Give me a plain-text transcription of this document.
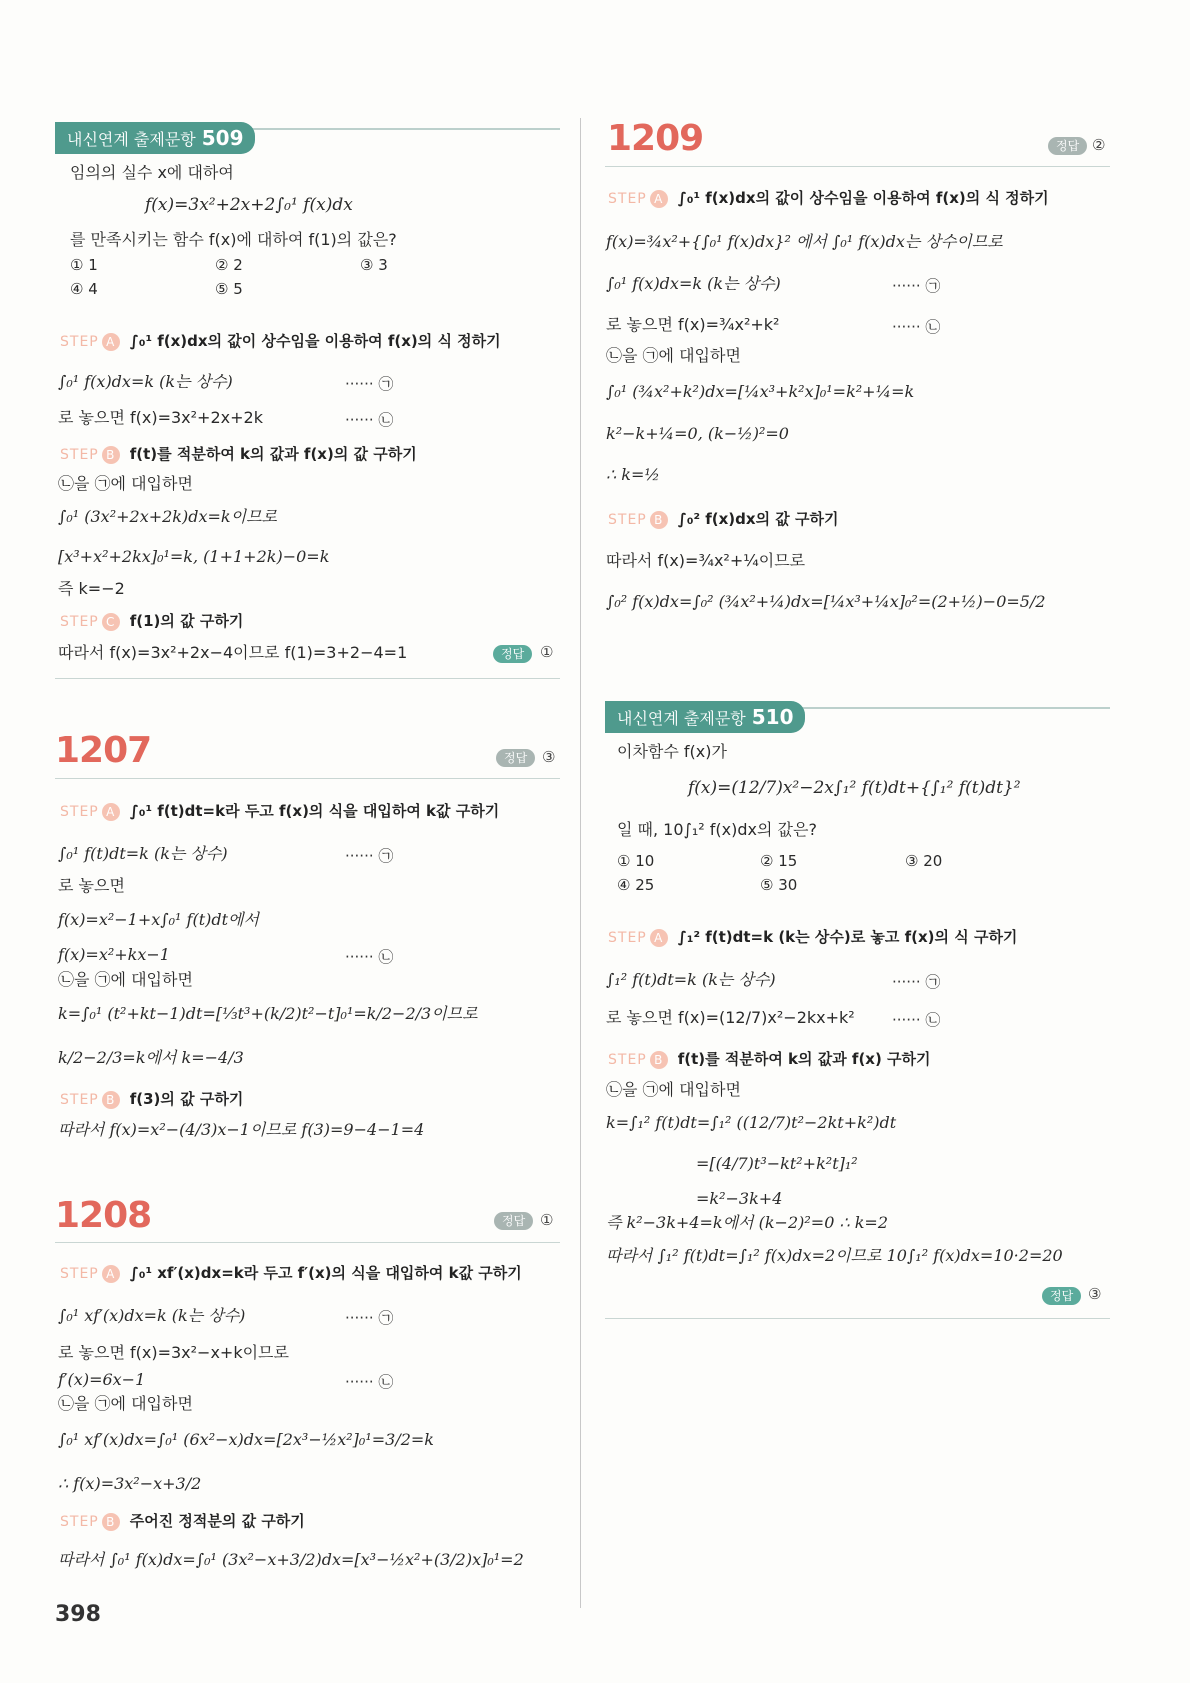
내신연계 출제문항 509
임의의 실수 x에 대하여
f(x)=3x²+2x+2∫₀¹ f(x)dx
를 만족시키는 함수 f(x)에 대하여 f(1)의 값은?
① 1	② 2	③ 3
④ 4	⑤ 5
STEP A ∫₀¹ f(x)dx의 값이 상수임을 이용하여 f(x)의 식 정하기
∫₀¹ f(x)dx=k (k는 상수)	······ ㉠
로 놓으면 f(x)=3x²+2x+2k	······ ㉡
STEP B f(t)를 적분하여 k의 값과 f(x)의 값 구하기
㉡을 ㉠에 대입하면
∫₀¹ (3x²+2x+2k)dx=k이므로
[x³+x²+2kx]₀¹=k, (1+1+2k)−0=k
즉 k=−2
STEP C f(1)의 값 구하기
따라서 f(x)=3x²+2x−4이므로 f(1)=3+2−4=1	정답	①
1207	정답 ③
STEP A ∫₀¹ f(t)dt=k라 두고 f(x)의 식을 대입하여 k값 구하기
∫₀¹ f(t)dt=k (k는 상수)	······ ㉠
로 놓으면
f(x)=x²−1+x∫₀¹ f(t)dt에서
f(x)=x²+kx−1	······ ㉡
㉡을 ㉠에 대입하면
k=∫₀¹ (t²+kt−1)dt=[⅓t³+(k/2)t²−t]₀¹=k/2−2/3이므로
k/2−2/3=k에서 k=−4/3
STEP B f(3)의 값 구하기
따라서 f(x)=x²−(4/3)x−1이므로 f(3)=9−4−1=4
1208	정답 ①
STEP A ∫₀¹ xf′(x)dx=k라 두고 f′(x)의 식을 대입하여 k값 구하기
∫₀¹ xf′(x)dx=k (k는 상수)	······ ㉠
로 놓으면 f(x)=3x²−x+k이므로
f′(x)=6x−1	······ ㉡
㉡을 ㉠에 대입하면
∫₀¹ xf′(x)dx=∫₀¹ (6x²−x)dx=[2x³−½x²]₀¹=3/2=k
∴ f(x)=3x²−x+3/2
STEP B 주어진 정적분의 값 구하기
따라서 ∫₀¹ f(x)dx=∫₀¹ (3x²−x+3/2)dx=[x³−½x²+(3/2)x]₀¹=2
398
1209	정답 ②
STEP A ∫₀¹ f(x)dx의 값이 상수임을 이용하여 f(x)의 식 정하기
f(x)=¾x²+{∫₀¹ f(x)dx}² 에서 ∫₀¹ f(x)dx는 상수이므로
∫₀¹ f(x)dx=k (k는 상수)	······ ㉠
로 놓으면 f(x)=¾x²+k²	······ ㉡
㉡을 ㉠에 대입하면
∫₀¹ (¾x²+k²)dx=[¼x³+k²x]₀¹=k²+¼=k
k²−k+¼=0, (k−½)²=0
∴ k=½
STEP B ∫₀² f(x)dx의 값 구하기
따라서 f(x)=¾x²+¼이므로
∫₀² f(x)dx=∫₀² (¾x²+¼)dx=[¼x³+¼x]₀²=(2+½)−0=5/2
내신연계 출제문항 510
이차함수 f(x)가
f(x)=(12/7)x²−2x∫₁² f(t)dt+{∫₁² f(t)dt}²
일 때, 10∫₁² f(x)dx의 값은?
① 10	② 15	③ 20
④ 25	⑤ 30
STEP A ∫₁² f(t)dt=k (k는 상수)로 놓고 f(x)의 식 구하기
∫₁² f(t)dt=k (k는 상수)	······ ㉠
로 놓으면 f(x)=(12/7)x²−2kx+k² ······ ㉡
STEP B f(t)를 적분하여 k의 값과 f(x) 구하기
㉡을 ㉠에 대입하면
k=∫₁² f(t)dt=∫₁² ((12/7)t²−2kt+k²)dt
=[(4/7)t³−kt²+k²t]₁²
=k²−3k+4
즉 k²−3k+4=k에서 (k−2)²=0 ∴ k=2
따라서 ∫₁² f(t)dt=∫₁² f(x)dx=2이므로 10∫₁² f(x)dx=10·2=20
정답 ③
